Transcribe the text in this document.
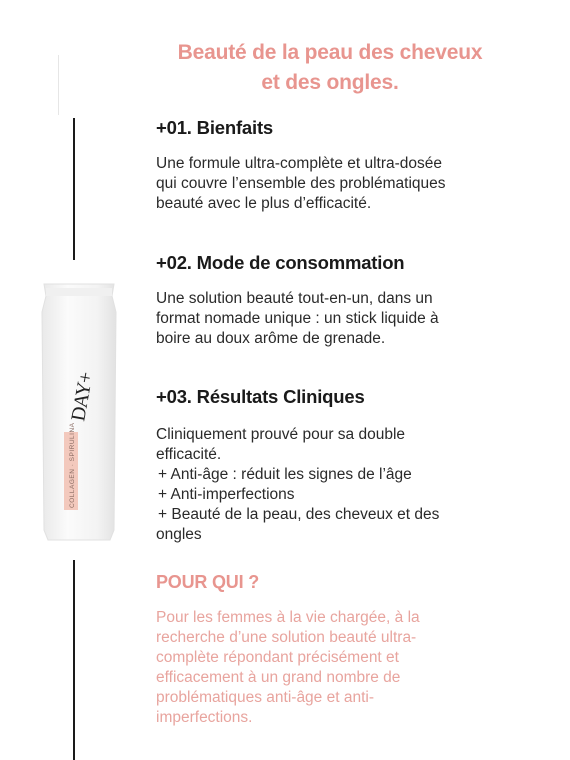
Beauté de la peau des cheveux
et des ongles.
COLLAGEN · SPIRULINA
DAY+
+01. Bienfaits
Une formule ultra-complète et ultra-dosée
qui couvre l’ensemble des problématiques
beauté avec le plus d’efficacité.
+02. Mode de consommation
Une solution beauté tout-en-un, dans un
format nomade unique : un stick liquide à
boire au doux arôme de grenade.
+03. Résultats Cliniques
Cliniquement prouvé pour sa double
efficacité.
+ Anti-âge : réduit les signes de l’âge
+ Anti-imperfections
+ Beauté de la peau, des cheveux et des
ongles
POUR QUI ?
Pour les femmes à la vie chargée, à la
recherche d’une solution beauté ultra-
complète répondant précisément et
efficacement à un grand nombre de
problématiques anti-âge et anti-
imperfections.
